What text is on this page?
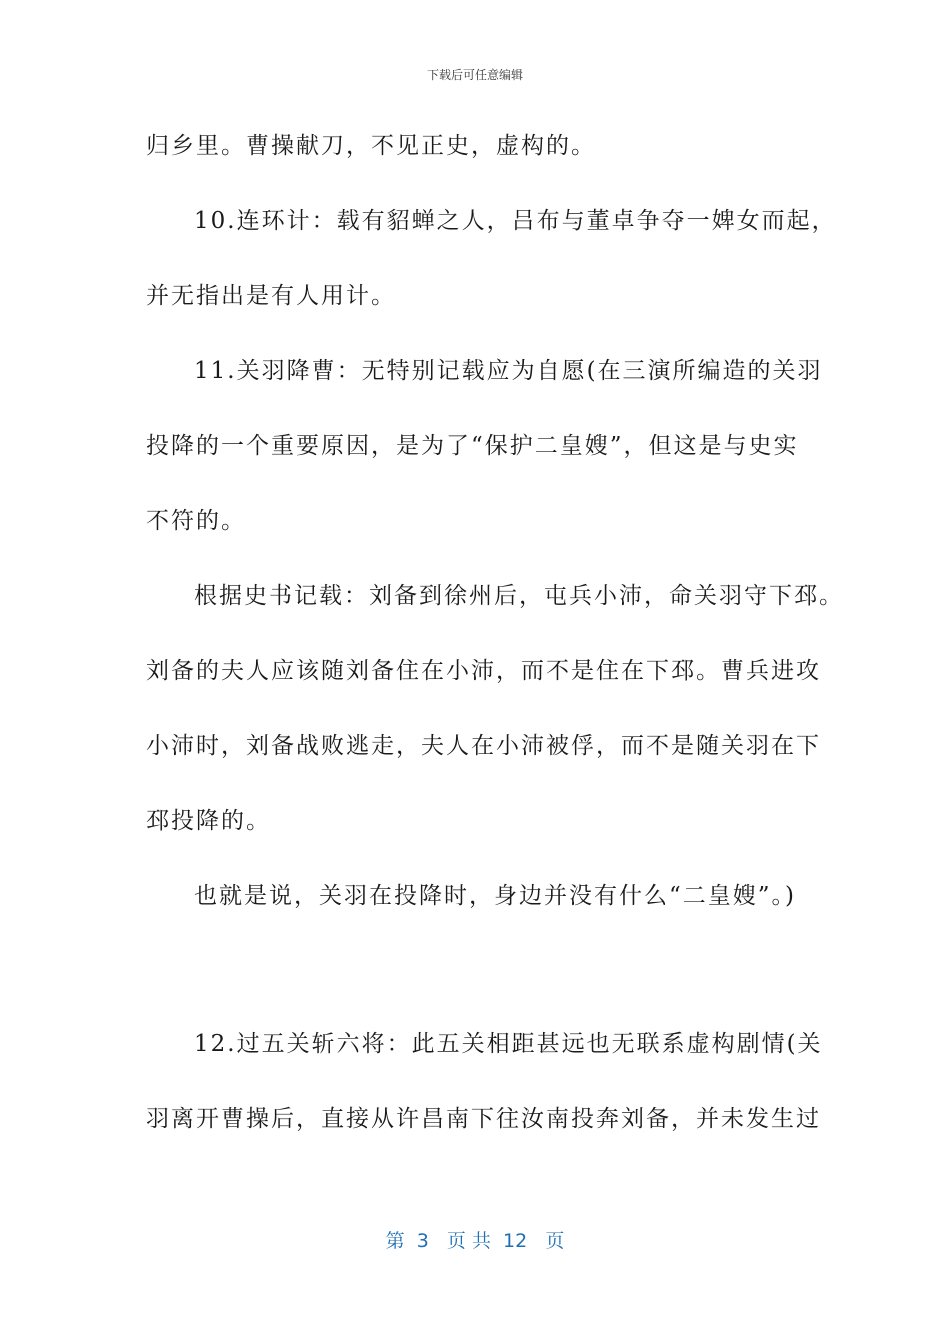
下载后可任意编辑
归乡里。曹操献刀，不见正史，虚构的。
10.连环计：载有貂蝉之人，吕布与董卓争夺一婢女而起，
并无指出是有人用计。
11.关羽降曹：无特别记载应为自愿(在三演所编造的关羽
投降的一个重要原因，是为了“保护二皇嫂”，但这是与史实
不符的。
根据史书记载：刘备到徐州后，屯兵小沛，命关羽守下邳。
刘备的夫人应该随刘备住在小沛，而不是住在下邳。曹兵进攻
小沛时，刘备战败逃走，夫人在小沛被俘，而不是随关羽在下
邳投降的。
也就是说，关羽在投降时，身边并没有什么“二皇嫂”。)
12.过五关斩六将：此五关相距甚远也无联系虚构剧情(关
羽离开曹操后，直接从许昌南下往汝南投奔刘备，并未发生过
第  3   页 共  12   页
